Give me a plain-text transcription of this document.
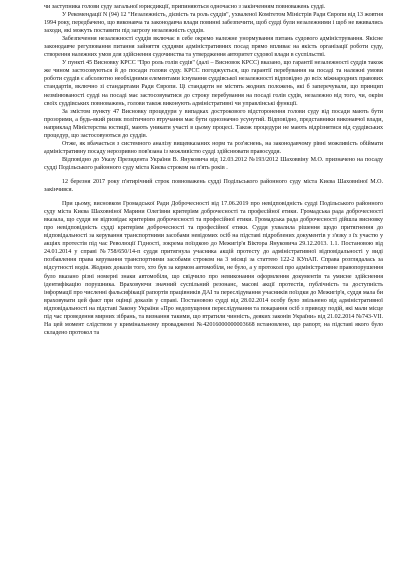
чи заступника голови суду загальної юрисдикції, припиняються одночасно з закінченням повноважень судді.

У Рекомендації N (94) 12 "Незалежність, дієвість та роль суддів", ухваленої Комітетом Міністрів Ради Європи від 13 жовтня 1994 року, передбачено, що виконавча та законодавча влади повинні забезпечити, щоб судді були незалежними і щоб не вживались заходи, які можуть поставити під загрозу незалежність суддів.

Забезпечення незалежності суддів включає в себе окремо належне унормування питань судового адміністрування. Якісне законодавче регулювання питання зайняття суддями адміністративних посад прямо впливає на якість організації роботи суду, створення належних умов для здійснення судочинства та утвердження авторитет судової влади в суспільстві.

У пункті 45 Висновку КРСС "Про роль голів судів" (далі – Висновок КРСС) вказано, що гарантії незалежності суддів також же чином застосовуються й до посади голови суду. КРСС погоджується, що гарантії перебування на посаді та належні умови роботи суддів є абсолютно необхідними елементами існування суддівської незалежності відповідно до всіх міжнародних правових стандартів, включно зі стандартами Ради Європи. Ці стандарти не містять жодних положень, які б заперечували, що принцип незмінюваності судді на посаді має застосовуватися до строку перебування на посаді голів судів, незалежно від того, чи, окрім своїх суддівських повноважень, голови також виконують адміністративні чи управлінські функції.

За змістом пункту 47 Висновку процедури у випадках дострокового відсторонення голови суду від посади мають бути прозорими, а будь-який ризик політичного втручання має бути однозначно усунутий. Відповідно, представники виконавчої влади, наприклад Міністерства юстиції, мають уникати участі в цьому процесі. Також процедури не мають відрізнятися від суддівських процедур, що застосовуються до суддів.

Отже, як вбачається з системного аналізу вищевказаних норм та роз'яснень, на законодавчому рівні можливість обіймати адміністративну посаду нерозривно пов'язана із можливістю судді здійснювати правосуддя.

Відповідно до Указу Президента України В. Януковича від 12.03.2012 №193/2012 Шаховвіну М.О. призначено на посаду судді Подільського районного суду міста Києва строком на п'ять років .

12 березня 2017 року п'ятирічний строк повноважень судді Подільського районного суду міста Києва Шаховніної М.О. закінчився.

При цьому, висновком Громадської Ради Доброчесності від 17.06.2019 про невідповідність судді Подільського районного суду міста Києва Шаховніної Марини Олегівни критеріям доброчесності та професійної етики. Громадська рада доброчесності вказала, що суддя не відповідає критеріям доброчесності та професійної етики. Громадська рада доброчесності дійшла висновку про невідповідність судді критеріям доброчесності та професійної етики. Суддя ухвалила рішення щодо притягнення до відповідальності за керування транспортними засобами невідомих осіб на підставі підроблених документів у з'язку з їх участю у акціях протестів під час Революції Гідності, зокрема поїздкою до Межигір'я Віктора Януковича 29.12.2013. 1.1. Постановою від 24.01.2014 у справі №758/650/14-п суддя притягнула учасника акцій протесту до адміністративної відповідальності у виді позбавлення права керування транспортними засобами строком на 3 місяці за статтею 122-2 КУпАП. Справа розглядалась за відсутності водія. Жодних доказів того, хто був за кермом автомобіля, не було, а у протоколі про адміністративне правопорушення було вказано різні номерні знаки автомобіля, що свідчило про невиконання оформлення документів та умисне здійснення ідентифікацію порушника. Враховуючи значний суспільний резонанс, масові акції протестів, публічність та доступність інформації про численні фальсифікації рапортів працівників ДАІ та переслідування учасників поїздки до Межигір'я, суддя мала би враховувати цей факт при оцінці доказів у справі. Постановою судді від 28.02.2014 особу було звільнено від адміністративної відповідальності на підставі Закону України «Про недопущення переслідування та покарання осіб з приводу подій, які мали місце під час проведення мирних зібрань, та визнання такими, що втратили чинність, деяких законів України» від 21.02.2014 №743-VII. На цей момент слідством у кримінальному провадженні №42016000000003668 встановлено, що рапорт, на підставі якого було складено протокол та
